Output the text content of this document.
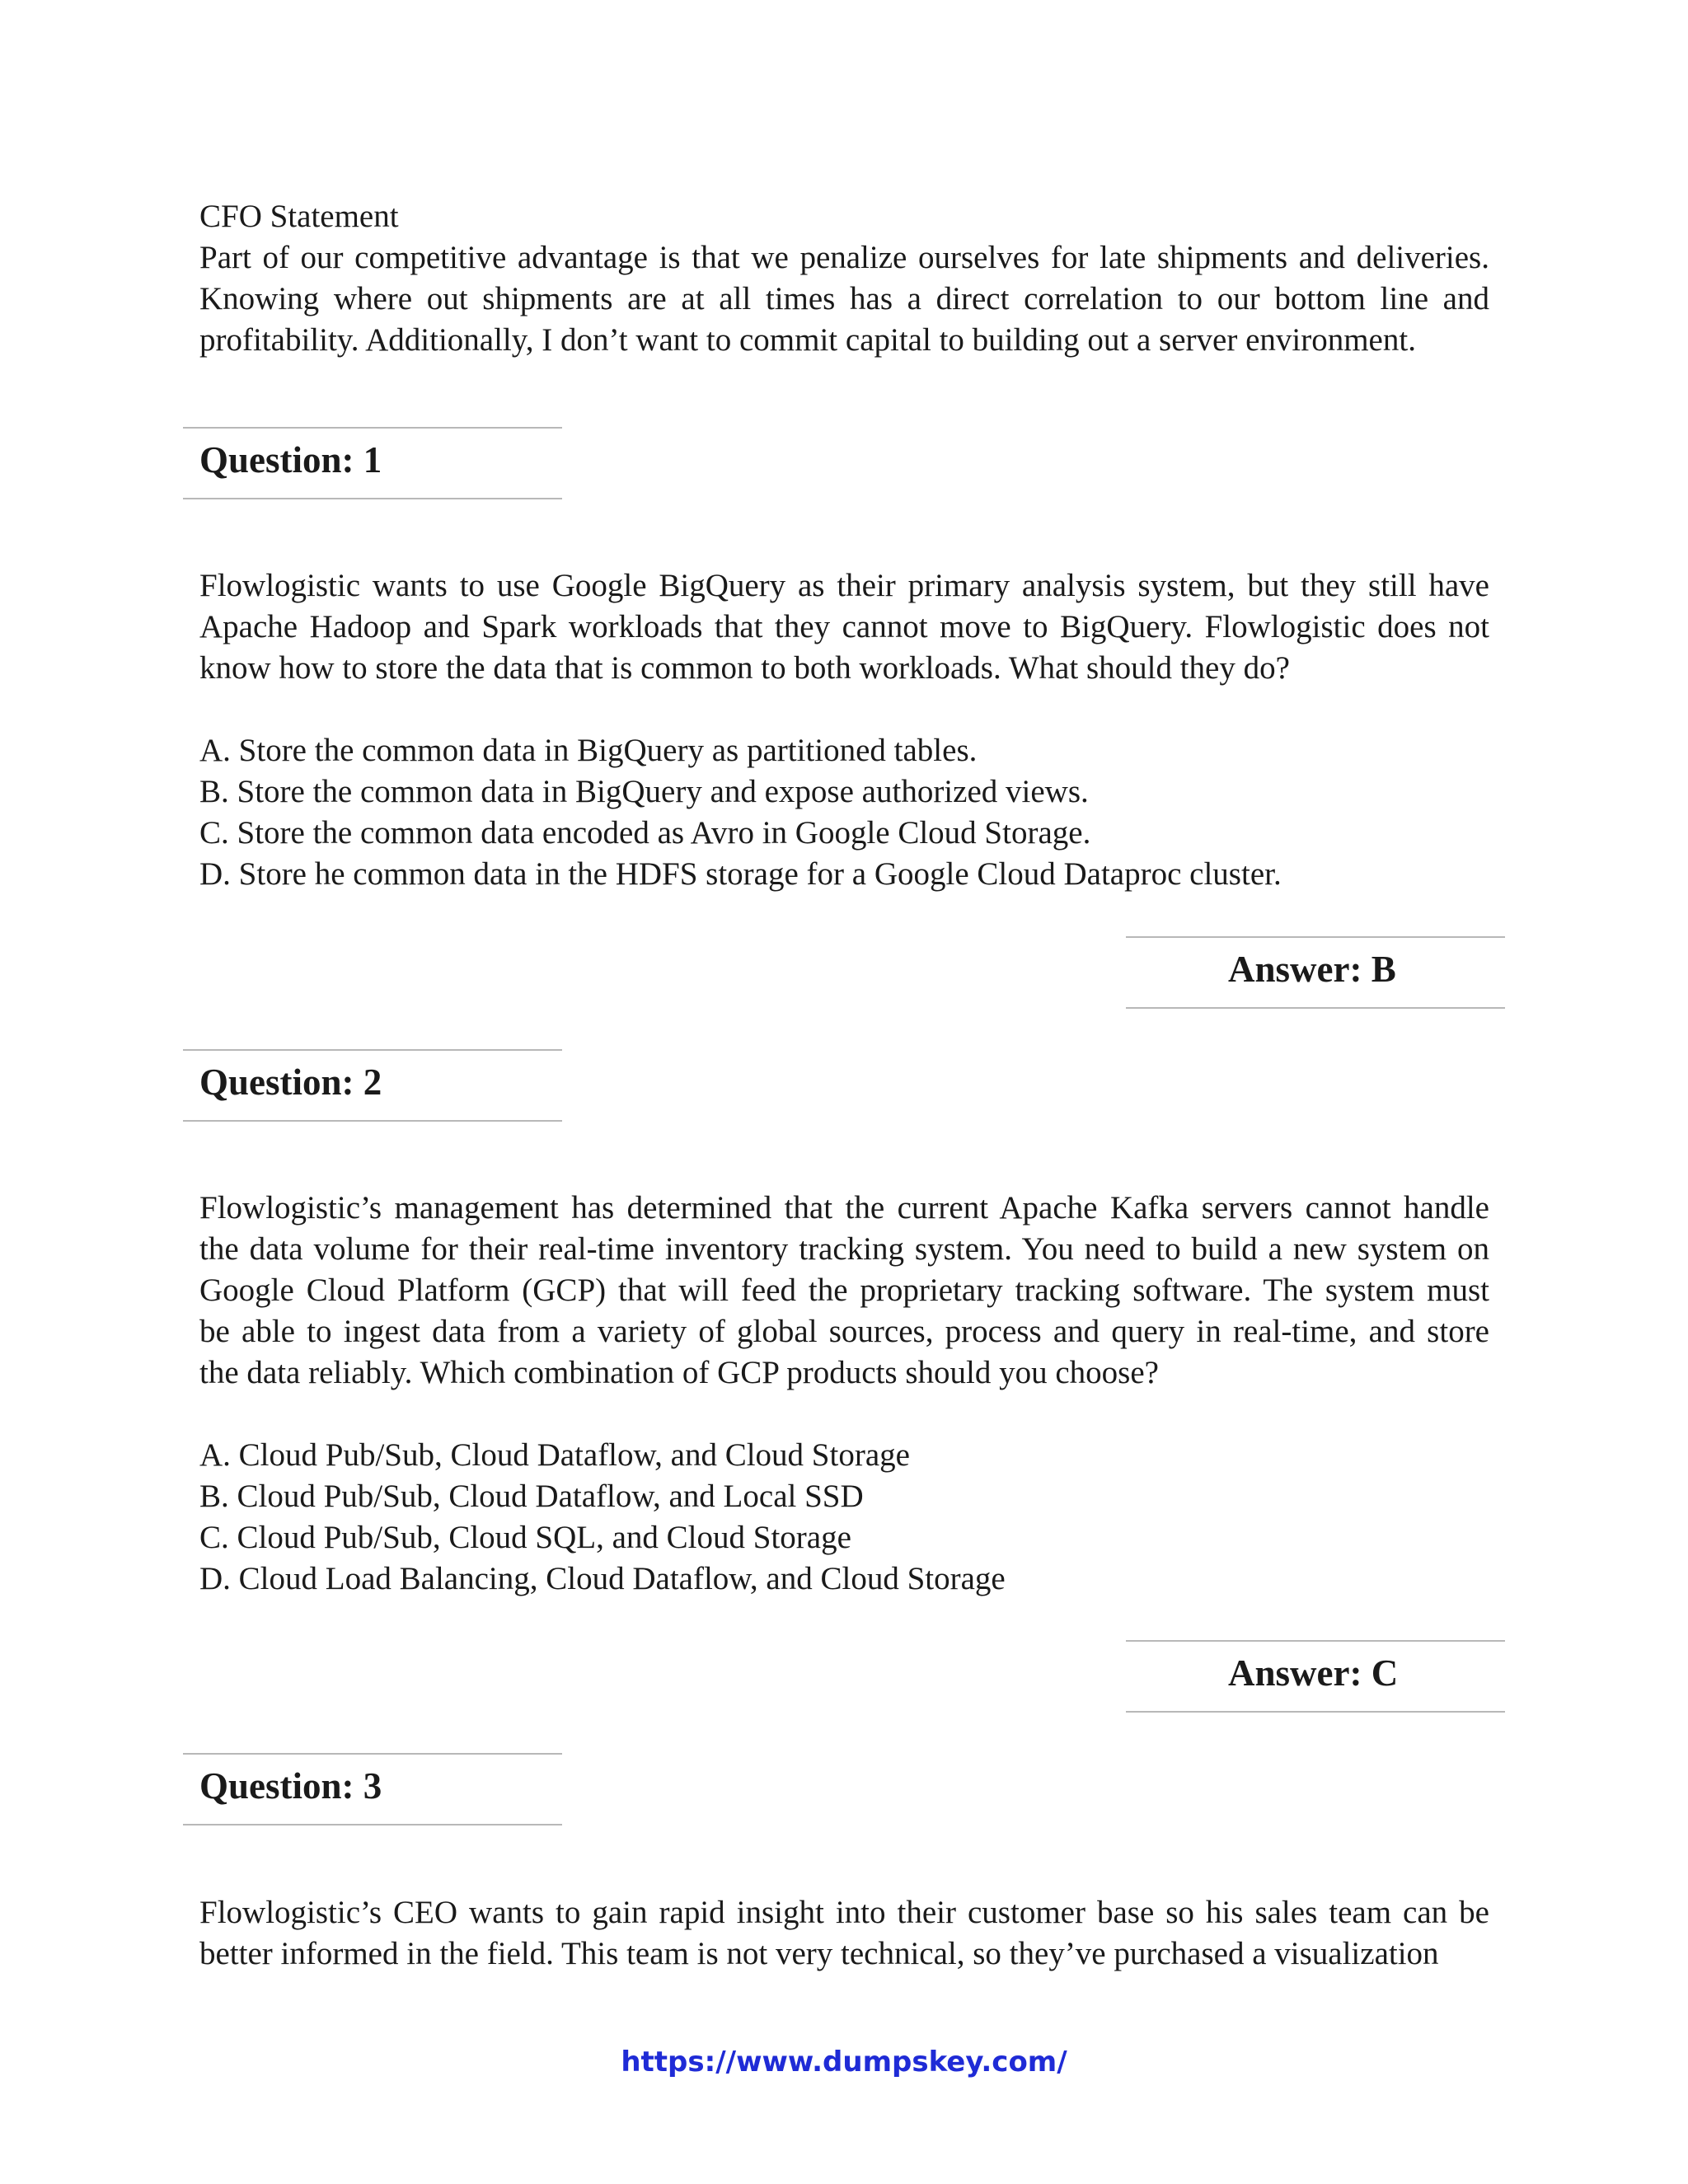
CFO Statement
Part of our competitive advantage is that we penalize ourselves for late shipments and deliveries.
Knowing where out shipments are at all times has a direct correlation to our bottom line and
profitability. Additionally, I don’t want to commit capital to building out a server environment.
Question: 1
Flowlogistic wants to use Google BigQuery as their primary analysis system, but they still have
Apache Hadoop and Spark workloads that they cannot move to BigQuery. Flowlogistic does not
know how to store the data that is common to both workloads. What should they do?
A. Store the common data in BigQuery as partitioned tables.
B. Store the common data in BigQuery and expose authorized views.
C. Store the common data encoded as Avro in Google Cloud Storage.
D. Store he common data in the HDFS storage for a Google Cloud Dataproc cluster.
Answer: B
Question: 2
Flowlogistic’s management has determined that the current Apache Kafka servers cannot handle
the data volume for their real-time inventory tracking system. You need to build a new system on
Google Cloud Platform (GCP) that will feed the proprietary tracking software. The system must
be able to ingest data from a variety of global sources, process and query in real-time, and store
the data reliably. Which combination of GCP products should you choose?
A. Cloud Pub/Sub, Cloud Dataflow, and Cloud Storage
B. Cloud Pub/Sub, Cloud Dataflow, and Local SSD
C. Cloud Pub/Sub, Cloud SQL, and Cloud Storage
D. Cloud Load Balancing, Cloud Dataflow, and Cloud Storage
Answer: C
Question: 3
Flowlogistic’s CEO wants to gain rapid insight into their customer base so his sales team can be
better informed in the field. This team is not very technical, so they’ve purchased a visualization
https://www.dumpskey.com/
